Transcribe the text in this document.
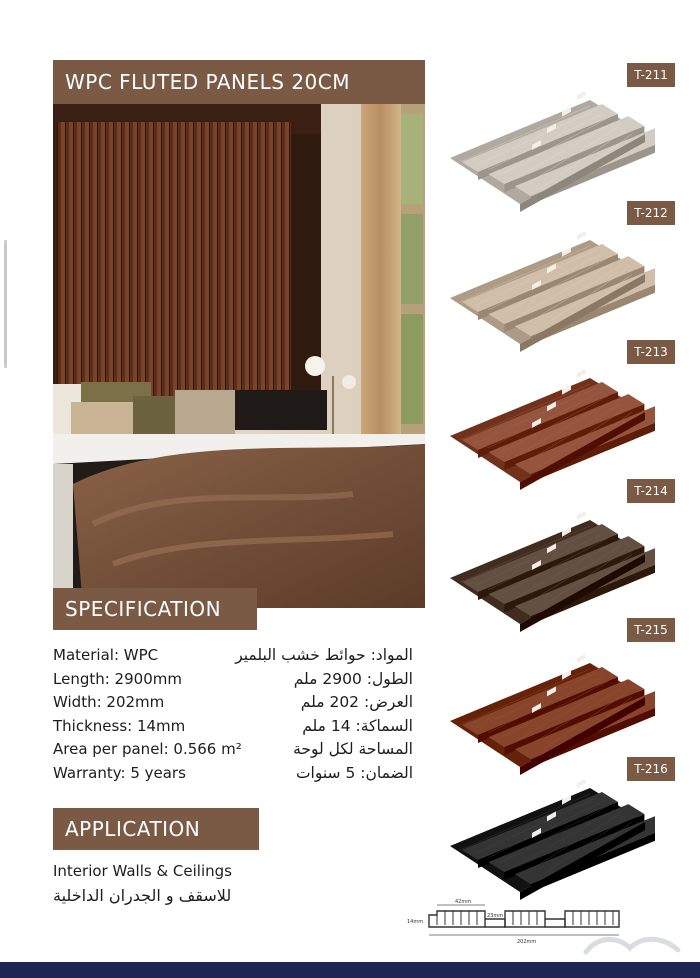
WPC FLUTED PANELS 20CM
SPECIFICATION
Material: WPC	المواد: حوائط خشب البلمير
Length: 2900mm	الطول: 2900 ملم
Width: 202mm	العرض: 202 ملم
Thickness: 14mm	السماكة: 14 ملم
Area per panel: 0.566 m²	المساحة لكل لوحة
Warranty: 5 years	الضمان: 5 سنوات
APPLICATION
Interior Walls & Ceilings
للاسقف و الجدران الداخلية
T-211
T-212
T-213
T-214
T-215
T-216
42mm
23mm
14mm
202mm
